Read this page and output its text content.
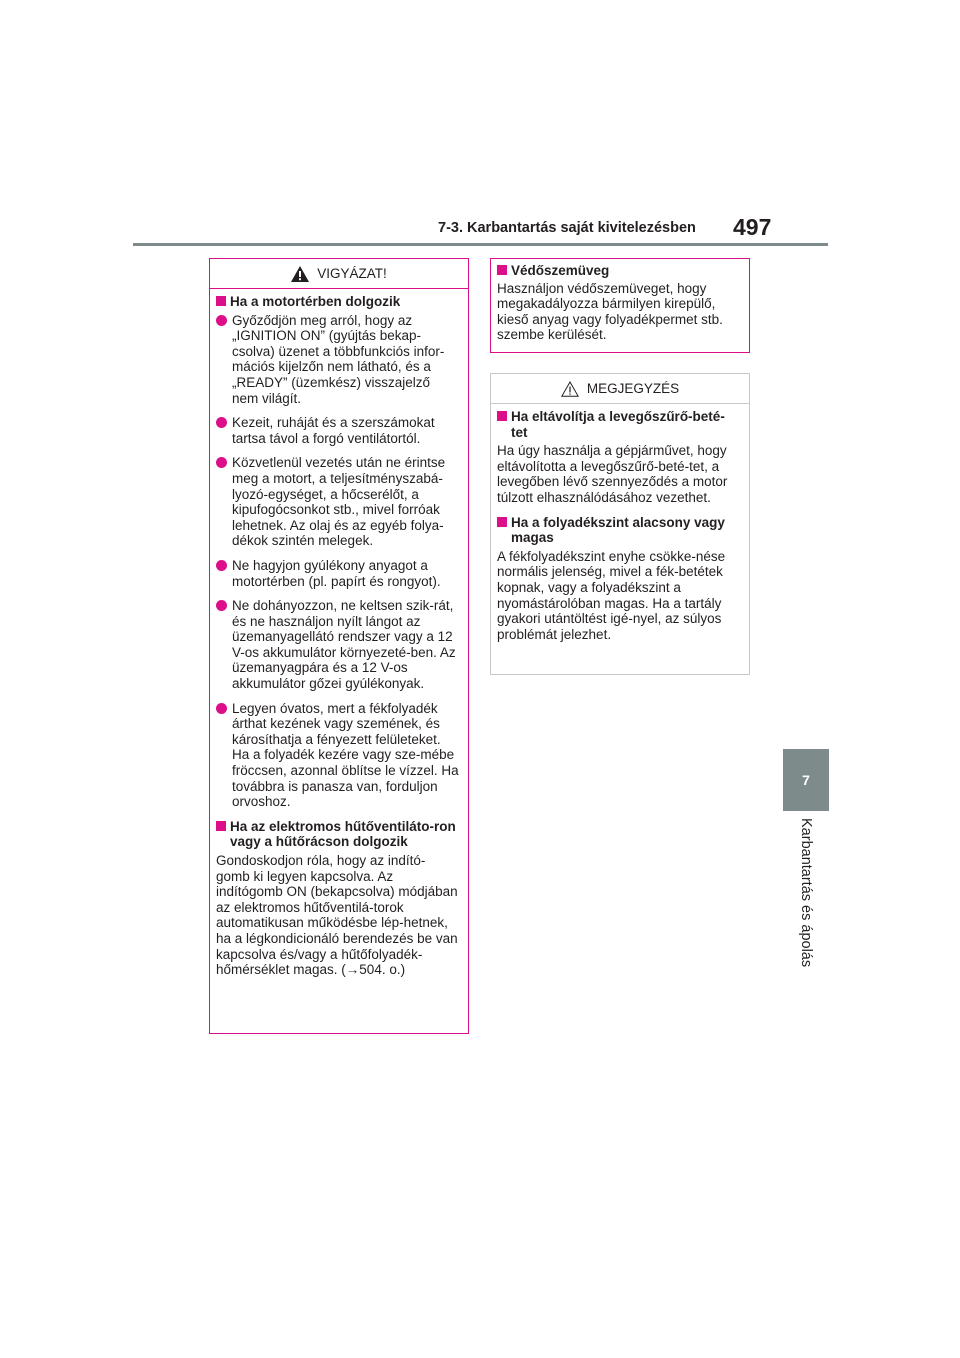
7-3. Karbantartás saját kivitelezésben 497
7
Karbantartás és ápolás
VIGYÁZAT!
Ha a motortérben dolgozik
Győződjön meg arról, hogy az „IGNITION ON” (gyújtás bekap-csolva) üzenet a többfunkciós infor-mációs kijelzőn nem látható, és a „READY” (üzemkész) visszajelző nem világít.
Kezeit, ruháját és a szerszámokat tartsa távol a forgó ventilátortól.
Közvetlenül vezetés után ne érintse meg a motort, a teljesítményszabá-lyozó-egységet, a hőcserélőt, a kipufogócsonkot stb., mivel forróak lehetnek. Az olaj és az egyéb folya-dékok szintén melegek.
Ne hagyjon gyúlékony anyagot a motortérben (pl. papírt és rongyot).
Ne dohányozzon, ne keltsen szik-rát, és ne használjon nyílt lángot az üzemanyagellátó rendszer vagy a 12 V-os akkumulátor környezeté-ben. Az üzemanyagpára és a 12 V-os akkumulátor gőzei gyúlékonyak.
Legyen óvatos, mert a fékfolyadék árthat kezének vagy szemének, és károsíthatja a fényezett felületeket. Ha a folyadék kezére vagy sze-mébe fröccsen, azonnal öblítse le vízzel. Ha továbbra is panasza van, forduljon orvoshoz.
Ha az elektromos hűtőventiláto-ron vagy a hűtőrácson dolgozik
Gondoskodjon róla, hogy az indító-gomb ki legyen kapcsolva. Az indítógomb ON (bekapcsolva) módjában az elektromos hűtőventilá-torok automatikusan működésbe lép-hetnek, ha a légkondicionáló berendezés be van kapcsolva és/vagy a hűtőfolyadék-hőmérséklet magas. (→504. o.)
Védőszemüveg
Használjon védőszemüveget, hogy megakadályozza bármilyen kirepülő, kieső anyag vagy folyadékpermet stb. szembe kerülését.
MEGJEGYZÉS
Ha eltávolítja a levegőszűrő-beté-tet
Ha úgy használja a gépjárművet, hogy eltávolította a levegőszűrő-beté-tet, a levegőben lévő szennyeződés a motor túlzott elhasználódásához vezethet.
Ha a folyadékszint alacsony vagy magas
A fékfolyadékszint enyhe csökke-nése normális jelenség, mivel a fék-betétek kopnak, vagy a folyadékszint a nyomástárolóban magas. Ha a tartály gyakori utántöltést igé-nyel, az súlyos problémát jelezhet.
